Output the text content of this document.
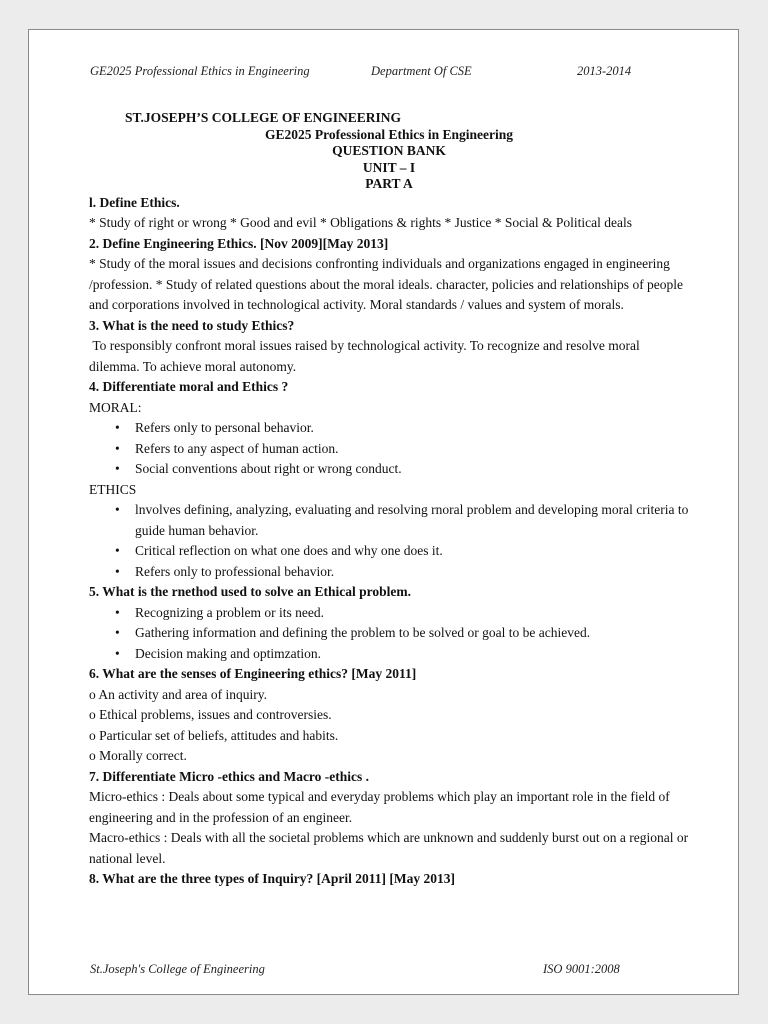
GE2025 Professional Ethics in Engineering	Department Of CSE	2013-2014
ST.JOSEPH’S COLLEGE OF ENGINEERING
GE2025 Professional Ethics in Engineering
QUESTION BANK
UNIT – I
PART A

l. Define Ethics.

* Study of right or wrong * Good and evil * Obligations & rights * Justice * Social & Political deals

2. Define Engineering Ethics. [Nov 2009][May 2013]

* Study of the moral issues and decisions confronting individuals and organizations engaged in engineering /profession. * Study of related questions about the moral ideals. character, policies and relationships of people and corporations involved in technological activity. Moral standards / values and system of morals.

3. What is the need to study Ethics?

To responsibly confront moral issues raised by technological activity. To recognize and resolve moral dilemma. To achieve moral autonomy.

4. Differentiate moral and Ethics ?

MORAL:

• Refers only to personal behavior.
• Refers to any aspect of human action.
• Social conventions about right or wrong conduct.

ETHICS

• lnvolves defining, analyzing, evaluating and resolving rnoral problem and developing moral criteria to guide human behavior.
• Critical reflection on what one does and why one does it.
• Refers only to professional behavior.

5. What is the rnethod used to solve an Ethical problem.

• Recognizing a problem or its need.
• Gathering information and defining the problem to be solved or goal to be achieved.
• Decision making and optimzation.

6. What are the senses of Engineering ethics? [May 2011]

o An activity and area of inquiry.

o Ethical problems, issues and controversies.

o Particular set of beliefs, attitudes and habits.

o Morally correct.

7. Differentiate Micro -ethics and Macro -ethics .

Micro-ethics : Deals about some typical and everyday problems which play an important role in the field of engineering and in the profession of an engineer.

Macro-ethics : Deals with all the societal problems which are unknown and suddenly burst out on a regional or national level.

8. What are the three types of Inquiry? [April 2011] [May 2013]

St.Joseph's College of Engineering	ISO 9001:2008
